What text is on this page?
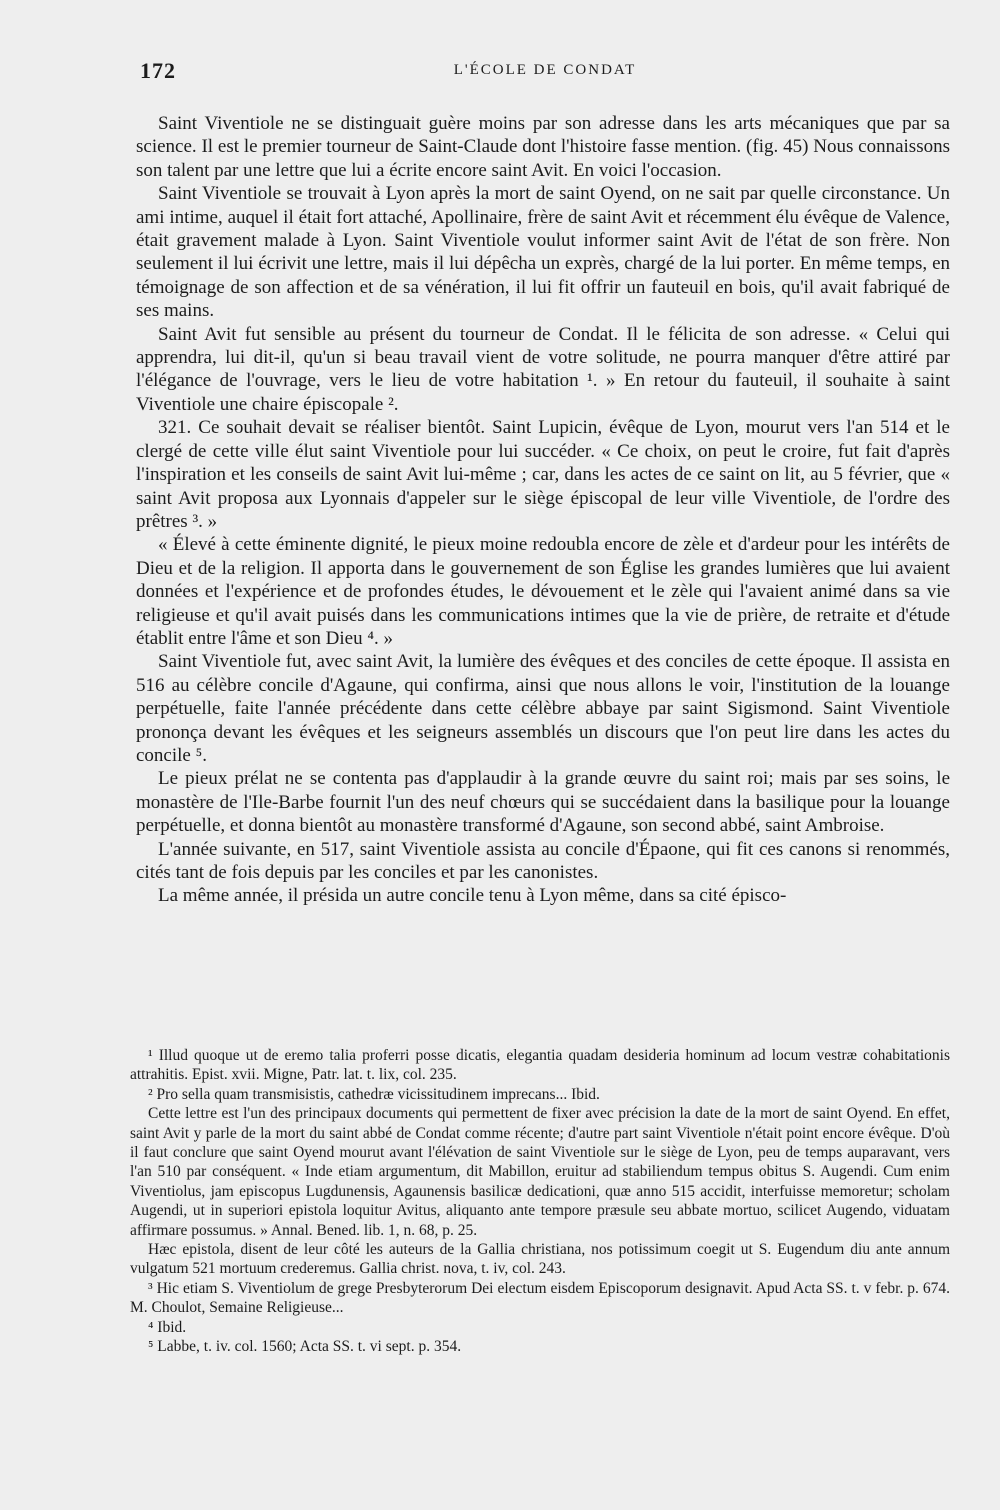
172	L'ÉCOLE DE CONDAT

Saint Viventiole ne se distinguait guère moins par son adresse dans les arts mécaniques que par sa science. Il est le premier tourneur de Saint-Claude dont l'histoire fasse mention. (fig. 45) Nous connaissons son talent par une lettre que lui a écrite encore saint Avit. En voici l'occasion.

Saint Viventiole se trouvait à Lyon après la mort de saint Oyend, on ne sait par quelle circonstance. Un ami intime, auquel il était fort attaché, Apollinaire, frère de saint Avit et récemment élu évêque de Valence, était gravement malade à Lyon. Saint Viventiole voulut informer saint Avit de l'état de son frère. Non seulement il lui écrivit une lettre, mais il lui dépêcha un exprès, chargé de la lui porter. En même temps, en témoignage de son affection et de sa vénération, il lui fit offrir un fauteuil en bois, qu'il avait fabriqué de ses mains.

Saint Avit fut sensible au présent du tourneur de Condat. Il le félicita de son adresse. « Celui qui apprendra, lui dit-il, qu'un si beau travail vient de votre solitude, ne pourra manquer d'être attiré par l'élégance de l'ouvrage, vers le lieu de votre habitation ¹. » En retour du fauteuil, il souhaite à saint Viventiole une chaire épiscopale ².

321. Ce souhait devait se réaliser bientôt. Saint Lupicin, évêque de Lyon, mourut vers l'an 514 et le clergé de cette ville élut saint Viventiole pour lui succéder. « Ce choix, on peut le croire, fut fait d'après l'inspiration et les conseils de saint Avit lui-même ; car, dans les actes de ce saint on lit, au 5 février, que « saint Avit proposa aux Lyonnais d'appeler sur le siège épiscopal de leur ville Viventiole, de l'ordre des prêtres ³. »

« Élevé à cette éminente dignité, le pieux moine redoubla encore de zèle et d'ardeur pour les intérêts de Dieu et de la religion. Il apporta dans le gouvernement de son Église les grandes lumières que lui avaient données et l'expérience et de profondes études, le dévouement et le zèle qui l'avaient animé dans sa vie religieuse et qu'il avait puisés dans les communications intimes que la vie de prière, de retraite et d'étude établit entre l'âme et son Dieu ⁴. »

Saint Viventiole fut, avec saint Avit, la lumière des évêques et des conciles de cette époque. Il assista en 516 au célèbre concile d'Agaune, qui confirma, ainsi que nous allons le voir, l'institution de la louange perpétuelle, faite l'année précédente dans cette célèbre abbaye par saint Sigismond. Saint Viventiole prononça devant les évêques et les seigneurs assemblés un discours que l'on peut lire dans les actes du concile ⁵.

Le pieux prélat ne se contenta pas d'applaudir à la grande œuvre du saint roi; mais par ses soins, le monastère de l'Ile-Barbe fournit l'un des neuf chœurs qui se succédaient dans la basilique pour la louange perpétuelle, et donna bientôt au monastère transformé d'Agaune, son second abbé, saint Ambroise.

L'année suivante, en 517, saint Viventiole assista au concile d'Épaone, qui fit ces canons si renommés, cités tant de fois depuis par les conciles et par les canonistes.

La même année, il présida un autre concile tenu à Lyon même, dans sa cité épisco-

¹ Illud quoque ut de eremo talia proferri posse dicatis, elegantia quadam desideria hominum ad locum vestræ cohabitationis attrahitis. Epist. xvii. Migne, Patr. lat. t. lix, col. 235.

² Pro sella quam transmisistis, cathedræ vicissitudinem imprecans... Ibid.

Cette lettre est l'un des principaux documents qui permettent de fixer avec précision la date de la mort de saint Oyend. En effet, saint Avit y parle de la mort du saint abbé de Condat comme récente; d'autre part saint Viventiole n'était point encore évêque. D'où il faut conclure que saint Oyend mourut avant l'élévation de saint Viventiole sur le siège de Lyon, peu de temps auparavant, vers l'an 510 par conséquent. « Inde etiam argumentum, dit Mabillon, eruitur ad stabiliendum tempus obitus S. Augendi. Cum enim Viventiolus, jam episcopus Lugdunensis, Agaunensis basilicæ dedicationi, quæ anno 515 accidit, interfuisse memoretur; scholam Augendi, ut in superiori epistola loquitur Avitus, aliquanto ante tempore præsule seu abbate mortuo, scilicet Augendo, viduatam affirmare possumus. » Annal. Bened. lib. 1, n. 68, p. 25.

Hæc epistola, disent de leur côté les auteurs de la Gallia christiana, nos potissimum coegit ut S. Eugendum diu ante annum vulgatum 521 mortuum crederemus. Gallia christ. nova, t. iv, col. 243.

³ Hic etiam S. Viventiolum de grege Presbyterorum Dei electum eisdem Episcoporum designavit. Apud Acta SS. t. v febr. p. 674. M. Choulot, Semaine Religieuse...

⁴ Ibid.

⁵ Labbe, t. iv. col. 1560; Acta SS. t. vi sept. p. 354.
